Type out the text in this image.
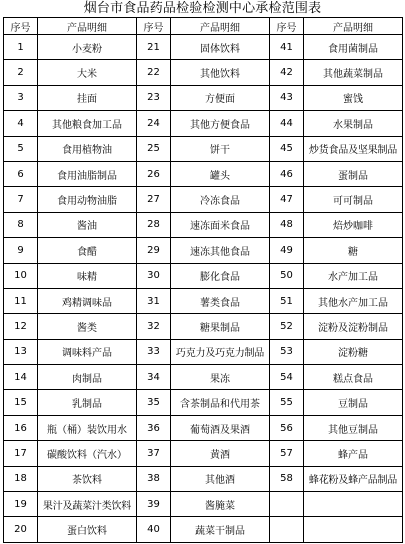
烟台市食品药品检验检测中心承检范围表
序号	产品明细	序号	产品明细	序号	产品明细
1	小麦粉	21	固体饮料	41	食用菌制品
2	大米	22	其他饮料	42	其他蔬菜制品
3	挂面	23	方便面	43	蜜饯
4	其他粮食加工品	24	其他方便食品	44	水果制品
5	食用植物油	25	饼干	45	炒货食品及坚果制品
6	食用油脂制品	26	罐头	46	蛋制品
7	食用动物油脂	27	冷冻食品	47	可可制品
8	酱油	28	速冻面米食品	48	焙炒咖啡
9	食醋	29	速冻其他食品	49	糖
10	味精	30	膨化食品	50	水产加工品
11	鸡精调味品	31	薯类食品	51	其他水产加工品
12	酱类	32	糖果制品	52	淀粉及淀粉制品
13	调味料产品	33	巧克力及巧克力制品	53	淀粉糖
14	肉制品	34	果冻	54	糕点食品
15	乳制品	35	含茶制品和代用茶	55	豆制品
16	瓶（桶）装饮用水	36	葡萄酒及果酒	56	其他豆制品
17	碳酸饮料（汽水）	37	黄酒	57	蜂产品
18	茶饮料	38	其他酒	58	蜂花粉及蜂产品制品
19	果汁及蔬菜汁类饮料	39	酱腌菜		
20	蛋白饮料	40	蔬菜干制品		
